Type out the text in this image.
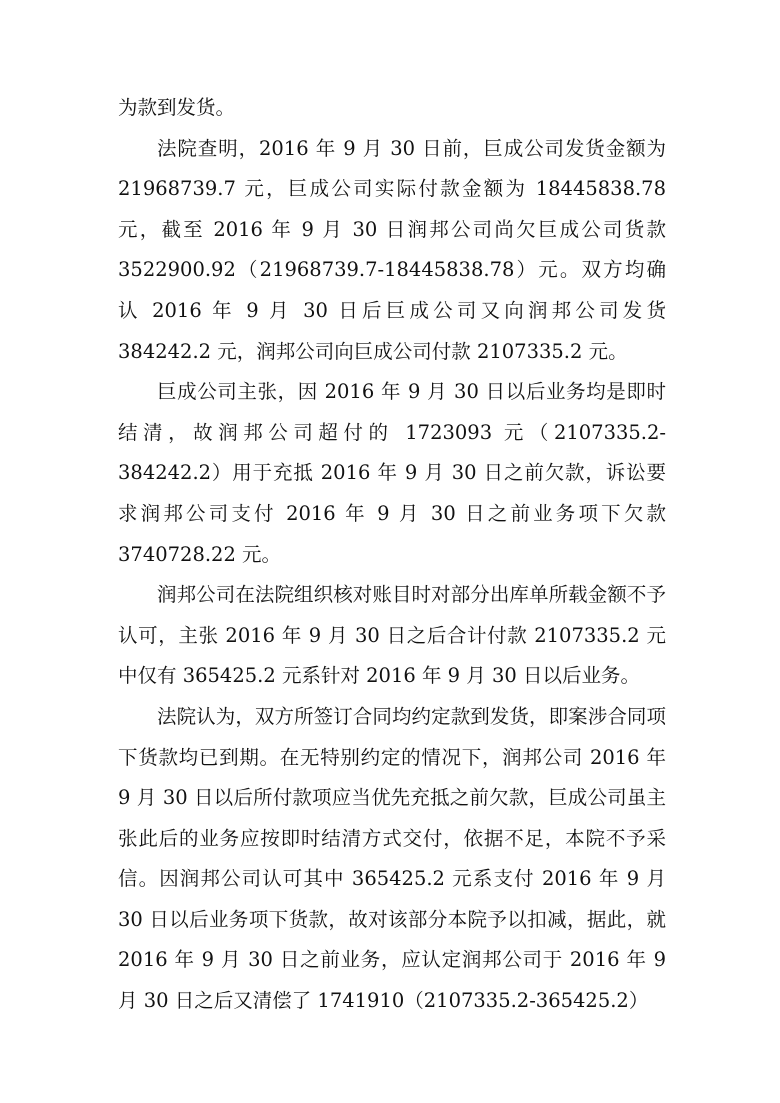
为款到发货。

法院查明，2016 年 9 月 30 日前，巨成公司发货金额为 21968739.7 元，巨成公司实际付款金额为 18445838.78 元，截至 2016 年 9 月 30 日润邦公司尚欠巨成公司货款 3522900.92（21968739.7-18445838.78）元。双方均确认 2016 年 9 月 30 日后巨成公司又向润邦公司发货 384242.2 元，润邦公司向巨成公司付款 2107335.2 元。

巨成公司主张，因 2016 年 9 月 30 日以后业务均是即时结清，故润邦公司超付的 1723093 元（2107335.2-384242.2）用于充抵 2016 年 9 月 30 日之前欠款，诉讼要求润邦公司支付 2016 年 9 月 30 日之前业务项下欠款 3740728.22 元。

润邦公司在法院组织核对账目时对部分出库单所载金额不予认可，主张 2016 年 9 月 30 日之后合计付款 2107335.2 元中仅有 365425.2 元系针对 2016 年 9 月 30 日以后业务。

法院认为，双方所签订合同均约定款到发货，即案涉合同项下货款均已到期。在无特别约定的情况下，润邦公司 2016 年 9 月 30 日以后所付款项应当优先充抵之前欠款，巨成公司虽主张此后的业务应按即时结清方式交付，依据不足，本院不予采信。因润邦公司认可其中 365425.2 元系支付 2016 年 9 月 30 日以后业务项下货款，故对该部分本院予以扣减，据此，就 2016 年 9 月 30 日之前业务，应认定润邦公司于 2016 年 9 月 30 日之后又清偿了 1741910（2107335.2-365425.2）
